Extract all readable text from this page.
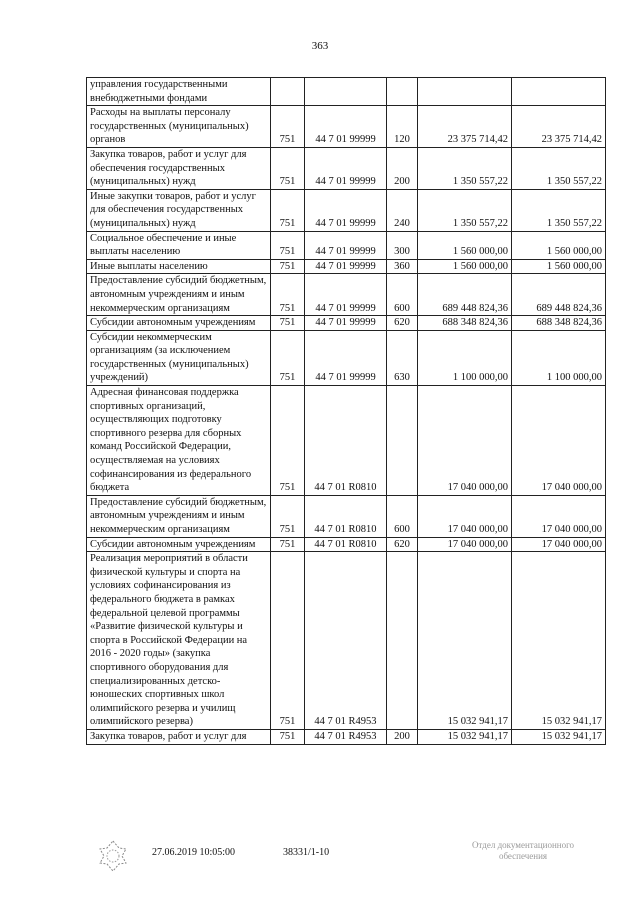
363
управления государственными внебюджетными фондами					
Расходы на выплаты персоналу государственных (муниципальных) органов	751	44 7 01 99999	120	23 375 714,42	23 375 714,42
Закупка товаров, работ и услуг для обеспечения государственных (муниципальных) нужд	751	44 7 01 99999	200	1 350 557,22	1 350 557,22
Иные закупки товаров, работ и услуг для обеспечения государственных (муниципальных) нужд	751	44 7 01 99999	240	1 350 557,22	1 350 557,22
Социальное обеспечение и иные выплаты населению	751	44 7 01 99999	300	1 560 000,00	1 560 000,00
Иные выплаты населению	751	44 7 01 99999	360	1 560 000,00	1 560 000,00
Предоставление субсидий бюджетным, автономным учреждениям и иным некоммерческим организациям	751	44 7 01 99999	600	689 448 824,36	689 448 824,36
Субсидии автономным учреждениям	751	44 7 01 99999	620	688 348 824,36	688 348 824,36
Субсидии некоммерческим организациям (за исключением государственных (муниципальных) учреждений)	751	44 7 01 99999	630	1 100 000,00	1 100 000,00
Адресная финансовая поддержка спортивных организаций, осуществляющих подготовку спортивного резерва для сборных команд Российской Федерации, осуществляемая на условиях софинансирования из федерального бюджета	751	44 7 01 R0810		17 040 000,00	17 040 000,00
Предоставление субсидий бюджетным, автономным учреждениям и иным некоммерческим организациям	751	44 7 01 R0810	600	17 040 000,00	17 040 000,00
Субсидии автономным учреждениям	751	44 7 01 R0810	620	17 040 000,00	17 040 000,00
Реализация мероприятий в области физической культуры и спорта на условиях софинансирования из федерального бюджета в рамках федеральной целевой программы «Развитие физической культуры и спорта в Российской Федерации на 2016 - 2020 годы» (закупка спортивного оборудования для специализированных детско-юношеских спортивных школ олимпийского резерва и училищ олимпийского резерва)	751	44 7 01 R4953		15 032 941,17	15 032 941,17
Закупка товаров, работ и услуг для	751	44 7 01 R4953	200	15 032 941,17	15 032 941,17
27.06.2019 10:05:00	38331/1-10
Отдел документационного обеспечения
